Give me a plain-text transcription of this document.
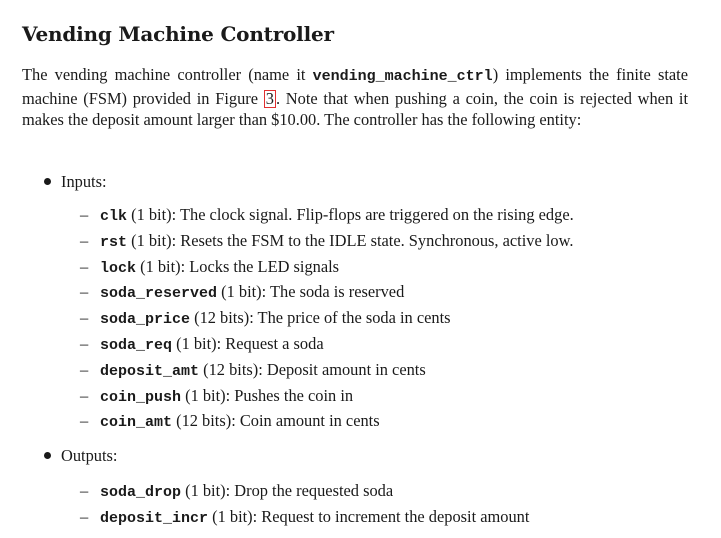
Vending Machine Controller

The vending machine controller (name it vending_machine_ctrl) implements the finite state machine (FSM) provided in Figure 3 . Note that when pushing a coin, the coin is rejected when it makes the deposit amount larger than $10.00. The controller has the following entity:

Inputs:
– clk (1 bit): The clock signal. Flip-flops are triggered on the rising edge.
– rst (1 bit): Resets the FSM to the IDLE state. Synchronous, active low.
– lock (1 bit): Locks the LED signals
– soda_reserved (1 bit): The soda is reserved
– soda_price (12 bits): The price of the soda in cents
– soda_req (1 bit): Request a soda
– deposit_amt (12 bits): Deposit amount in cents
– coin_push (1 bit): Pushes the coin in
– coin_amt (12 bits): Coin amount in cents
Outputs:
– soda_drop (1 bit): Drop the requested soda
– deposit_incr (1 bit): Request to increment the deposit amount
